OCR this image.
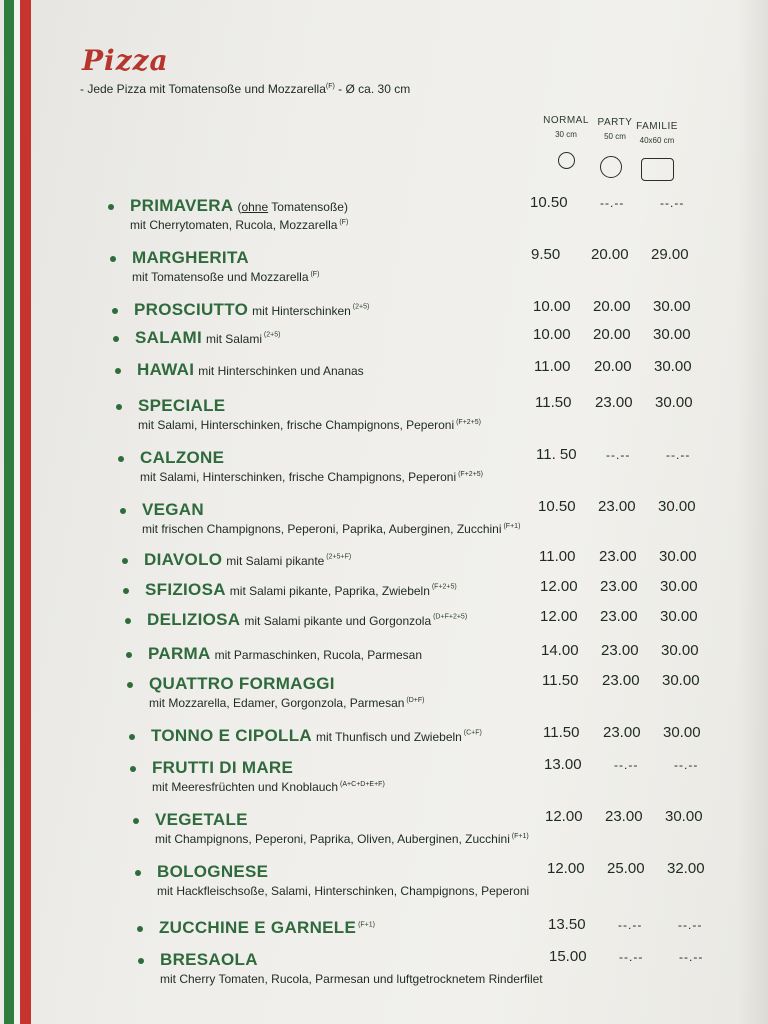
Pizza
- Jede Pizza mit Tomatensoße und Mozzarella$^{(F)}$ - Ø ca. 30 cm
NORMAL
30 cm
PARTY
50 cm
FAMILIE
40x60 cm
PRIMAVERA (ohne Tomatensoße)
mit Cherrytomaten, Rucola, Mozzarella $^{(F)}$
10.50	--.--	--.--
MARGHERITA
mit Tomatensoße und Mozzarella $^{(F)}$
9.50 20.00 29.00
PROSCIUTTO mit Hinterschinken $^{(2+5)}$	10.00 20.00 30.00
SALAMI mit Salami $^{(2+5)}$	10.00 20.00 30.00
HAWAI mit Hinterschinken und Ananas	11.00 20.00 30.00
SPECIALE
mit Salami, Hinterschinken, frische Champignons, Peperoni $^{(F+2+5)}$
11.50 23.00 30.00
CALZONE
mit Salami, Hinterschinken, frische Champignons, Peperoni $^{(F+2+5)}$
11. 50 --.--	--.--
VEGAN
mit frischen Champignons, Peperoni, Paprika, Auberginen, Zucchini $^{(F+1)}$
10.50 23.00 30.00
DIAVOLO mit Salami pikante $^{(2+5+F)}$	11.00 23.00 30.00
SFIZIOSA mit Salami pikante, Paprika, Zwiebeln $^{(F+2+5)}$	12.00 23.00 30.00
DELIZIOSA mit Salami pikante und Gorgonzola $^{(D+F+2+5)}$	12.00 23.00 30.00
PARMA mit Parmaschinken, Rucola, Parmesan	14.00 23.00 30.00
QUATTRO FORMAGGI
mit Mozzarella, Edamer, Gorgonzola, Parmesan $^{(D+F)}$
11.50 23.00 30.00
TONNO E CIPOLLA mit Thunfisch und Zwiebeln $^{(C+F)}$	11.50 23.00 30.00
FRUTTI DI MARE
mit Meeresfrüchten und Knoblauch $^{(A+C+D+E+F)}$
13.00	--.--	--.--
VEGETALE
mit Champignons, Peperoni, Paprika, Oliven, Auberginen, Zucchini $^{(F+1)}$
12.00 23.00 30.00
BOLOGNESE
mit Hackfleischsoße, Salami, Hinterschinken, Champignons, Peperoni
12.00 25.00 32.00
ZUCCHINE E GARNELE $^{(F+1)}$	13.50	--.--	--.--
BRESAOLA
mit Cherry Tomaten, Rucola, Parmesan und luftgetrocknetem Rinderfilet
15.00	--.--	--.--
